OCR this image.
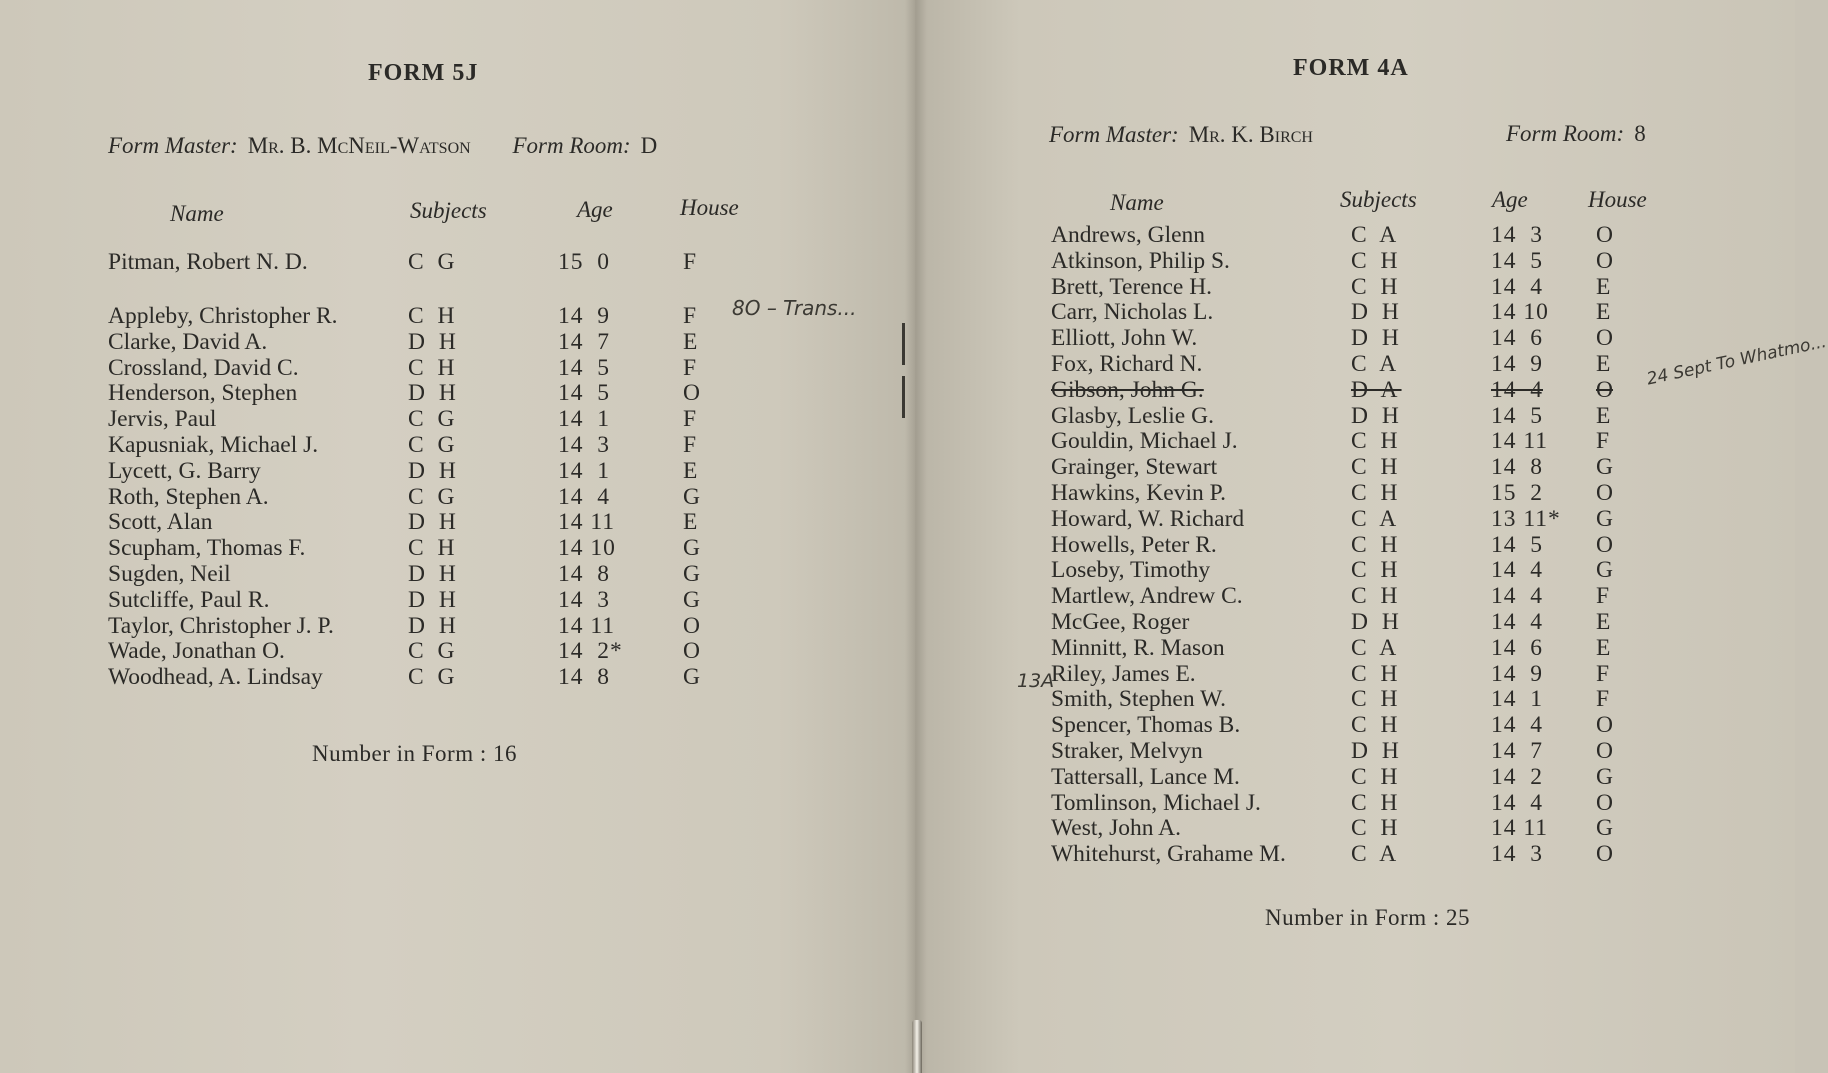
FORM 5J
Form Master: Mr. B. McNeil-Watson Form Room: D
Name	Subjects	Age	House
Pitman, Robert N. D.	C G	15  0	F
Appleby, Christopher R.	C H	14  9	F
Clarke, David A.	D H	14  7	E
Crossland, David C.	C H	14  5	F
Henderson, Stephen	D H	14  5	O
Jervis, Paul	C G	14  1	F
Kapusniak, Michael J.	C G	14  3	F
Lycett, G. Barry	D H	14  1	E
Roth, Stephen A.	C G	14  4	G
Scott, Alan	D H	14 11	E
Scupham, Thomas F.	C H	14 10	G
Sugden, Neil	D H	14  8	G
Sutcliffe, Paul R.	D H	14  3	G
Taylor, Christopher J. P.	D H	14 11	O
Wade, Jonathan O.	C G	14  2*	O
Woodhead, A. Lindsay	C G	14  8	G
Number in Form : 16
8O – Trans...
FORM 4A
Form Master: Mr. K. Birch	Form Room: 8
Name	Subjects	Age	House
Andrews, Glenn	C A	14  3	O
Atkinson, Philip S.	C H	14  5	O
Brett, Terence H.	C H	14  4	E
Carr, Nicholas L.	D H	14 10	E
Elliott, John W.	D H	14  6	O
Fox, Richard N.	C A	14  9	E
Gibson, John G.	D A	14  4	O
Glasby, Leslie G.	D H	14  5	E
Gouldin, Michael J.	C H	14 11	F
Grainger, Stewart	C H	14  8	G
Hawkins, Kevin P.	C H	15  2	O
Howard, W. Richard	C A	13 11*	G
Howells, Peter R.	C H	14  5	O
Loseby, Timothy	C H	14  4	G
Martlew, Andrew C.	C H	14  4	F
McGee, Roger	D H	14  4	E
Minnitt, R. Mason	C A	14  6	E
Riley, James E.	C H	14  9	F
Smith, Stephen W.	C H	14  1	F
Spencer, Thomas B.	C H	14  4	O
Straker, Melvyn	D H	14  7	O
Tattersall, Lance M.	C H	14  2	G
Tomlinson, Michael J.	C H	14  4	O
West, John A.	C H	14 11	G
Whitehurst, Grahame M.	C A	14  3	O
Number in Form : 25
24 Sept To Whatmo...
13A
